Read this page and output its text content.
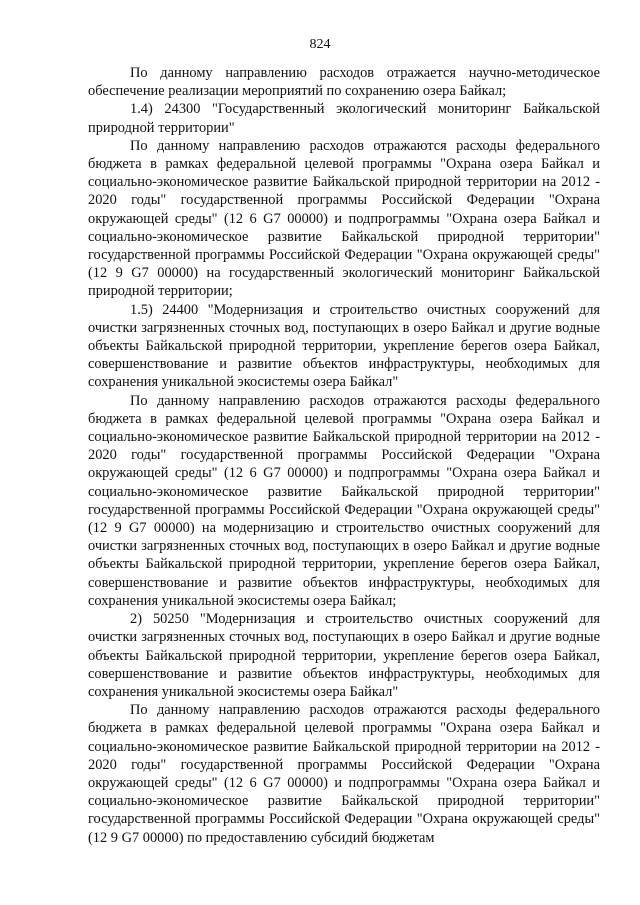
824

По данному направлению расходов отражается научно-методическое обеспечение реализации мероприятий по сохранению озера Байкал;

1.4) 24300 "Государственный экологический мониторинг Байкальской природной территории"

По данному направлению расходов отражаются расходы федерального бюджета в рамках федеральной целевой программы "Охрана озера Байкал и социально-экономическое развитие Байкальской природной территории на 2012 - 2020 годы" государственной программы Российской Федерации "Охрана окружающей среды" (12 6 G7 00000) и подпрограммы "Охрана озера Байкал и социально-экономическое развитие Байкальской природной территории" государственной программы Российской Федерации "Охрана окружающей среды" (12 9 G7 00000) на государственный экологический мониторинг Байкальской природной территории;

1.5) 24400 "Модернизация и строительство очистных сооружений для очистки загрязненных сточных вод, поступающих в озеро Байкал и другие водные объекты Байкальской природной территории, укрепление берегов озера Байкал, совершенствование и развитие объектов инфраструктуры, необходимых для сохранения уникальной экосистемы озера Байкал"

По данному направлению расходов отражаются расходы федерального бюджета в рамках федеральной целевой программы "Охрана озера Байкал и социально-экономическое развитие Байкальской природной территории на 2012 - 2020 годы" государственной программы Российской Федерации "Охрана окружающей среды" (12 6 G7 00000) и подпрограммы "Охрана озера Байкал и социально-экономическое развитие Байкальской природной территории" государственной программы Российской Федерации "Охрана окружающей среды" (12 9 G7 00000) на модернизацию и строительство очистных сооружений для очистки загрязненных сточных вод, поступающих в озеро Байкал и другие водные объекты Байкальской природной территории, укрепление берегов озера Байкал, совершенствование и развитие объектов инфраструктуры, необходимых для сохранения уникальной экосистемы озера Байкал;

2) 50250 "Модернизация и строительство очистных сооружений для очистки загрязненных сточных вод, поступающих в озеро Байкал и другие водные объекты Байкальской природной территории, укрепление берегов озера Байкал, совершенствование и развитие объектов инфраструктуры, необходимых для сохранения уникальной экосистемы озера Байкал"

По данному направлению расходов отражаются расходы федерального бюджета в рамках федеральной целевой программы "Охрана озера Байкал и социально-экономическое развитие Байкальской природной территории на 2012 - 2020 годы" государственной программы Российской Федерации "Охрана окружающей среды" (12 6 G7 00000) и подпрограммы "Охрана озера Байкал и социально-экономическое развитие Байкальской природной территории" государственной программы Российской Федерации "Охрана окружающей среды" (12 9 G7 00000) по предоставлению субсидий бюджетам
